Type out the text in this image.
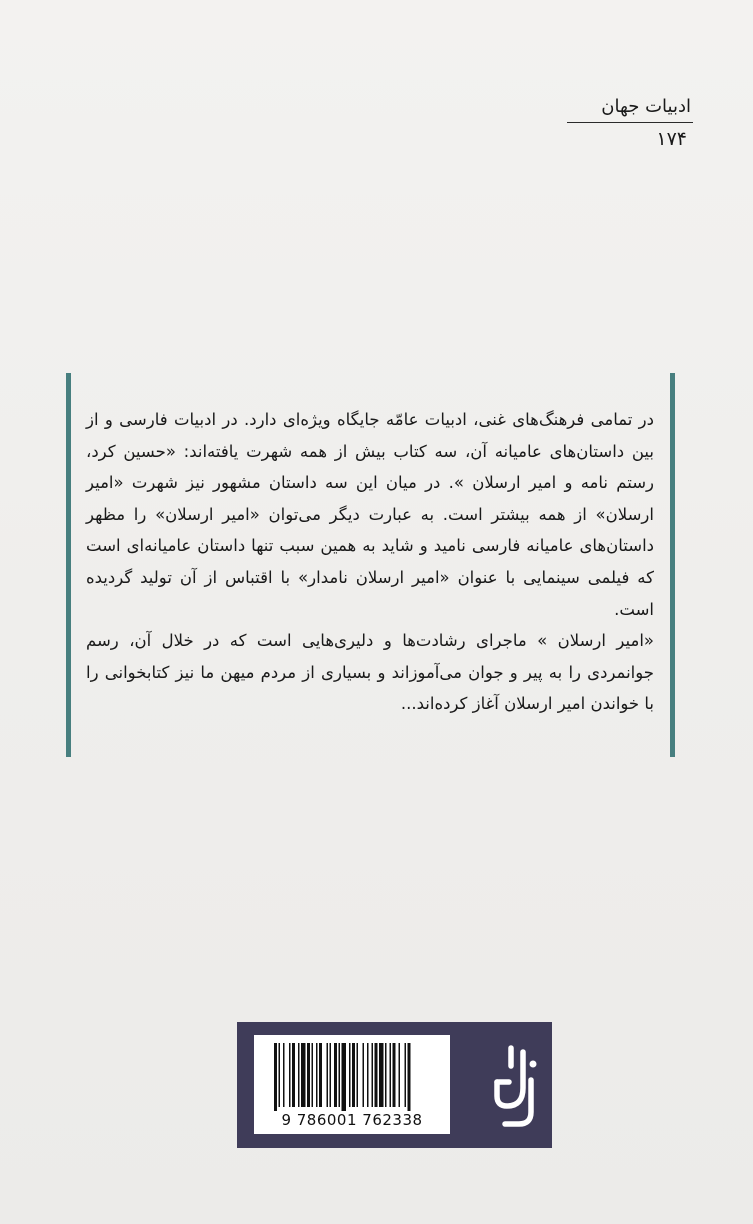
ادبیات جهان
۱۷۴

در تمامی فرهنگ‌های غنی، ادبیات عامّه جایگاه ویژه‌ای دارد. در ادبیات فارسی و از بین داستان‌های عامیانه آن، سه کتاب بیش از همه شهرت یافته‌اند: «حسین کرد، رستم نامه و امیر ارسلان ». در میان این سه داستان مشهور نیز شهرت «امیر ارسلان» از همه بیشتر است. به عبارت دیگر می‌توان «امیر ارسلان» را مظهر داستان‌های عامیانه فارسی نامید و شاید به همین سبب تنها داستان عامیانه‌ای است که فیلمی سینمایی با عنوان «امیر ارسلان نامدار» با اقتباس از آن تولید گردیده است.

«امیر ارسلان » ماجرای رشادت‌ها و دلیری‌هایی است که در خلال آن، رسم جوانمردی را به پیر و جوان می‌آموزاند و بسیاری از مردم میهن ما نیز کتابخوانی را با خواندن امیر ارسلان آغاز کرده‌اند...

9 786001 762338
